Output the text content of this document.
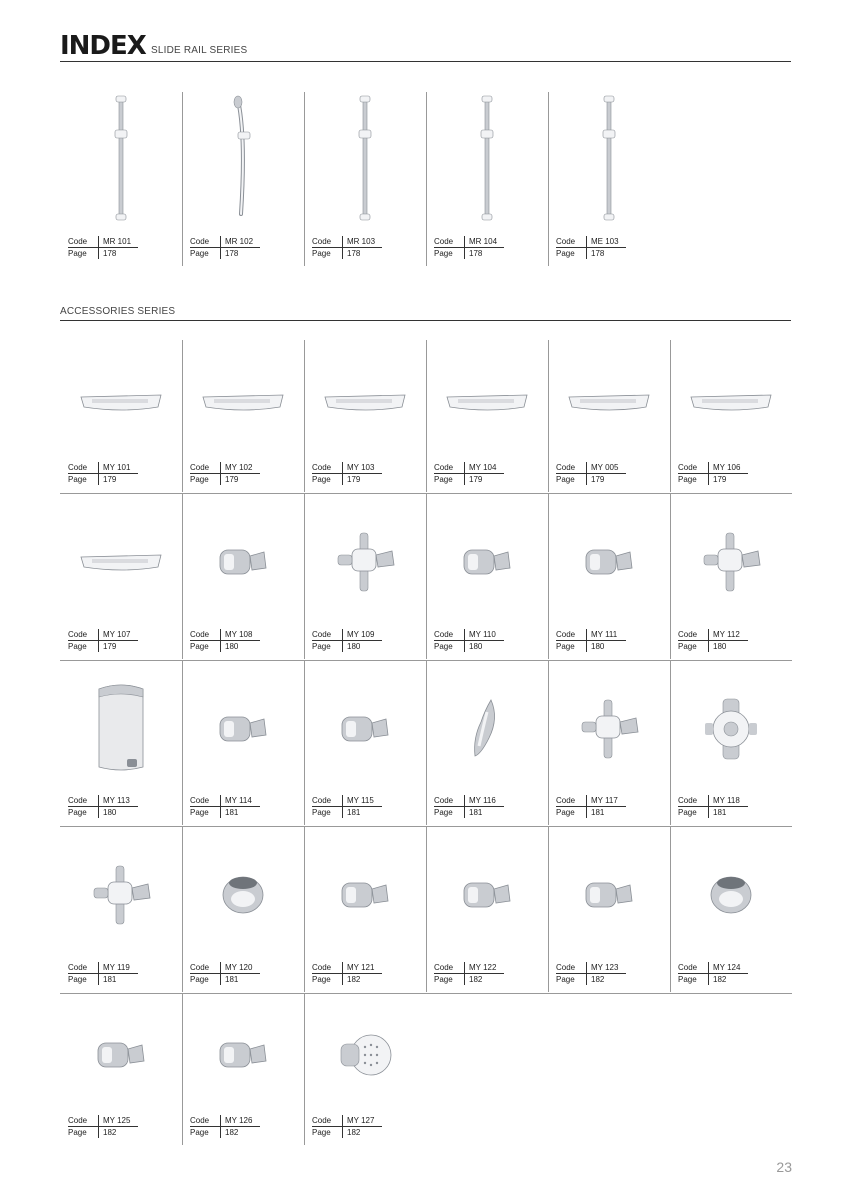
INDEX SLIDE RAIL SERIES
Code	MR 101
Page	178
Code	MR 102
Page	178
Code	MR 103
Page	178
Code	MR 104
Page	178
Code	ME 103
Page	178
ACCESSORIES SERIES
Code	MY 101
Page	179
Code	MY 102
Page	179
Code	MY 103
Page	179
Code	MY 104
Page	179
Code	MY 005
Page	179
Code	MY 106
Page	179
Code	MY 107
Page	179
Code	MY 108
Page	180
Code	MY 109
Page	180
Code	MY 110
Page	180
Code	MY 111
Page	180
Code	MY 112
Page	180
Code	MY 113
Page	180
Code	MY 114
Page	181
Code	MY 115
Page	181
Code	MY 116
Page	181
Code	MY 117
Page	181
Code	MY 118
Page	181
Code	MY 119
Page	181
Code	MY 120
Page	181
Code	MY 121
Page	182
Code	MY 122
Page	182
Code	MY 123
Page	182
Code	MY 124
Page	182
Code	MY 125
Page	182
Code	MY 126
Page	182
Code	MY 127
Page	182
23
